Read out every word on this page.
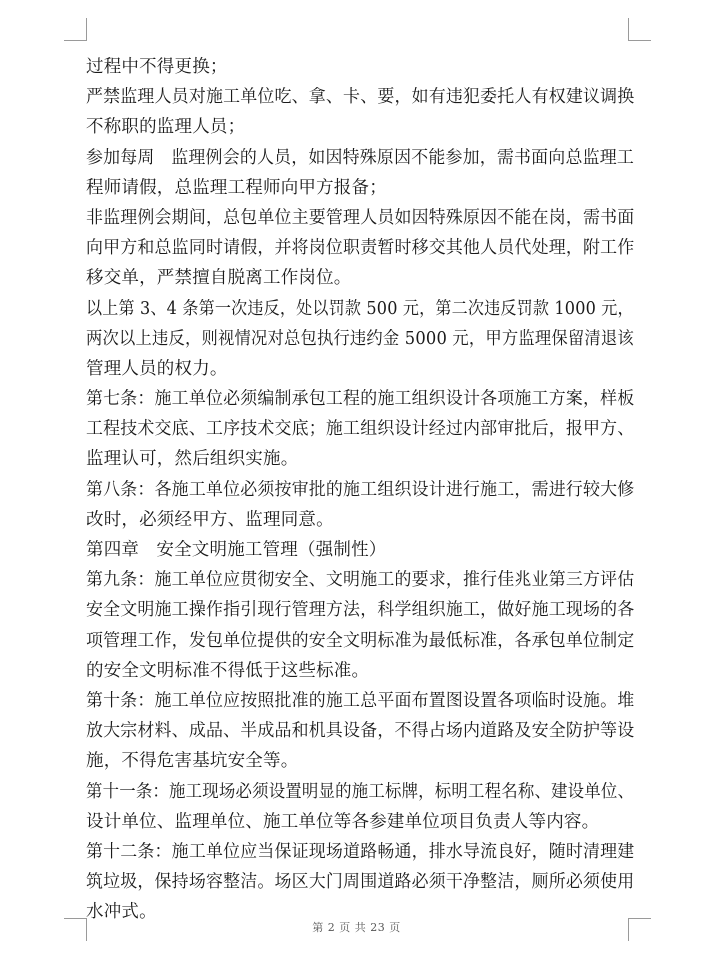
过程中不得更换；
严禁监理人员对施工单位吃、拿、卡、要，如有违犯委托人有权建议调换
不称职的监理人员；
参加每周   监理例会的人员，如因特殊原因不能参加，需书面向总监理工
程师请假，总监理工程师向甲方报备；
非监理例会期间，总包单位主要管理人员如因特殊原因不能在岗，需书面
向甲方和总监同时请假，并将岗位职责暂时移交其他人员代处理，附工作
移交单，严禁擅自脱离工作岗位。
以上第 3、4 条第一次违反，处以罚款 500 元，第二次违反罚款 1000 元，
两次以上违反，则视情况对总包执行违约金 5000 元，甲方监理保留清退该
管理人员的权力。
第七条：施工单位必须编制承包工程的施工组织设计各项施工方案，样板
工程技术交底、工序技术交底；施工组织设计经过内部审批后，报甲方、
监理认可，然后组织实施。
第八条：各施工单位必须按审批的施工组织设计进行施工，需进行较大修
改时，必须经甲方、监理同意。
第四章   安全文明施工管理（强制性）
第九条：施工单位应贯彻安全、文明施工的要求，推行佳兆业第三方评估
安全文明施工操作指引现行管理方法，科学组织施工，做好施工现场的各
项管理工作，发包单位提供的安全文明标准为最低标准，各承包单位制定
的安全文明标准不得低于这些标准。
第十条：施工单位应按照批准的施工总平面布置图设置各项临时设施。堆
放大宗材料、成品、半成品和机具设备，不得占场内道路及安全防护等设
施，不得危害基坑安全等。
第十一条：施工现场必须设置明显的施工标牌，标明工程名称、建设单位、
设计单位、监理单位、施工单位等各参建单位项目负责人等内容。
第十二条：施工单位应当保证现场道路畅通，排水导流良好，随时清理建
筑垃圾，保持场容整洁。场区大门周围道路必须干净整洁，厕所必须使用
水冲式。
第 2 页 共 23 页
